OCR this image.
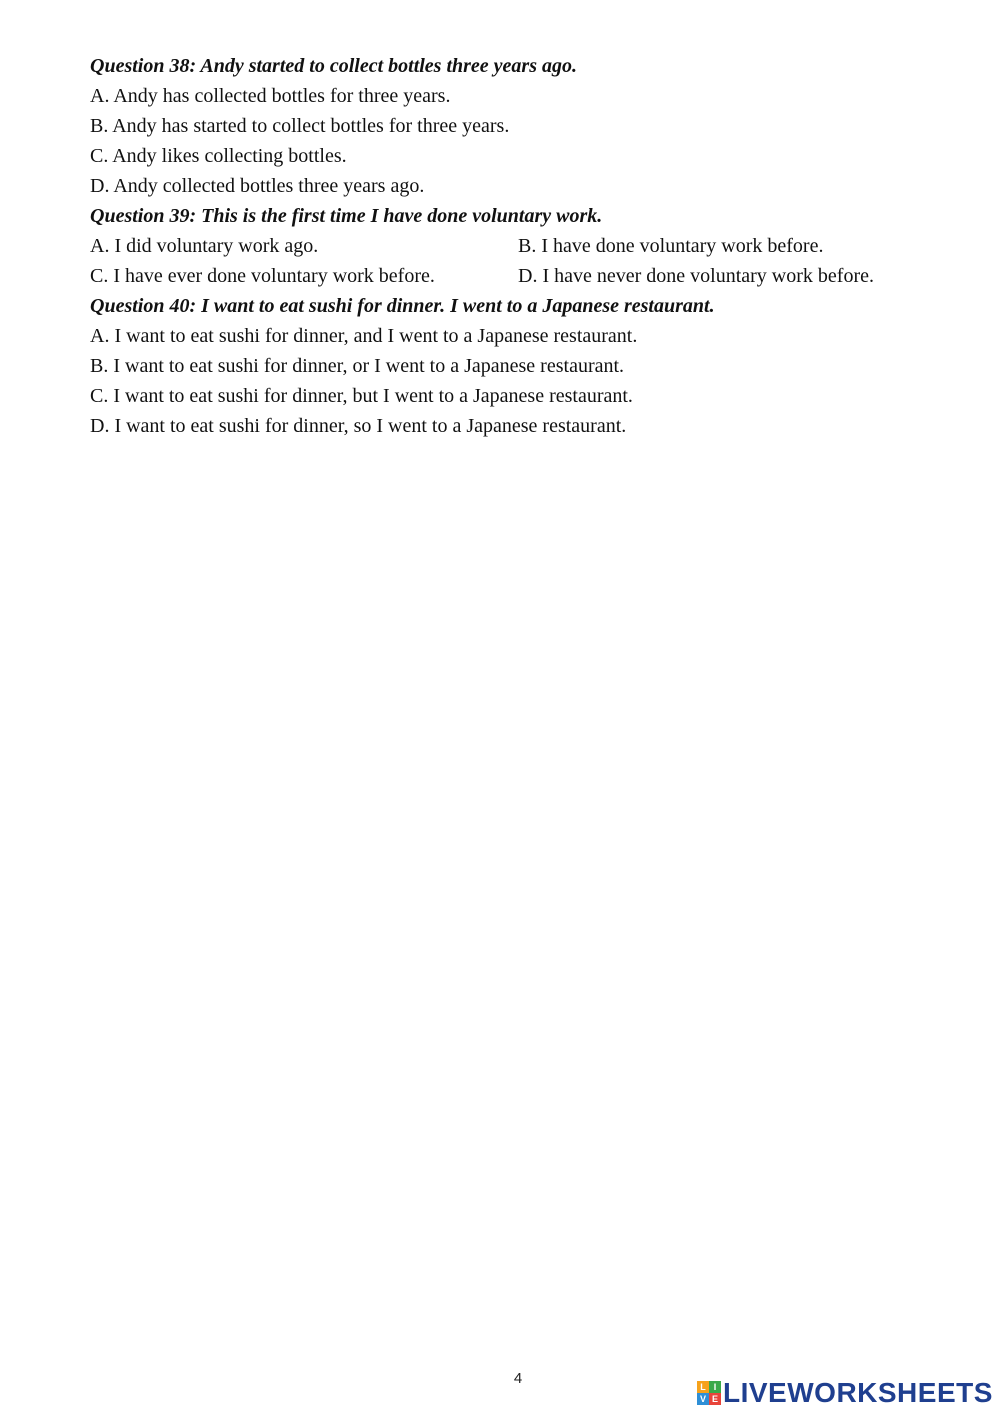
Question 38: Andy started to collect bottles three years ago.
A. Andy has collected bottles for three years.
B. Andy has started to collect bottles for three years.
C. Andy likes collecting bottles.
D. Andy collected bottles three years ago.
Question 39: This is the first time I have done voluntary work.
A. I did voluntary work ago.	B. I have done voluntary work before.
C. I have ever done voluntary work before.	D. I have never done voluntary work before.
Question 40: I want to eat sushi for dinner. I went to a Japanese restaurant.
A. I want to eat sushi for dinner, and I went to a Japanese restaurant.
B. I want to eat sushi for dinner, or I went to a Japanese restaurant.
C. I want to eat sushi for dinner, but I went to a Japanese restaurant.
D. I want to eat sushi for dinner, so I went to a Japanese restaurant.
4	L I
V E LIVEWORKSHEETS
